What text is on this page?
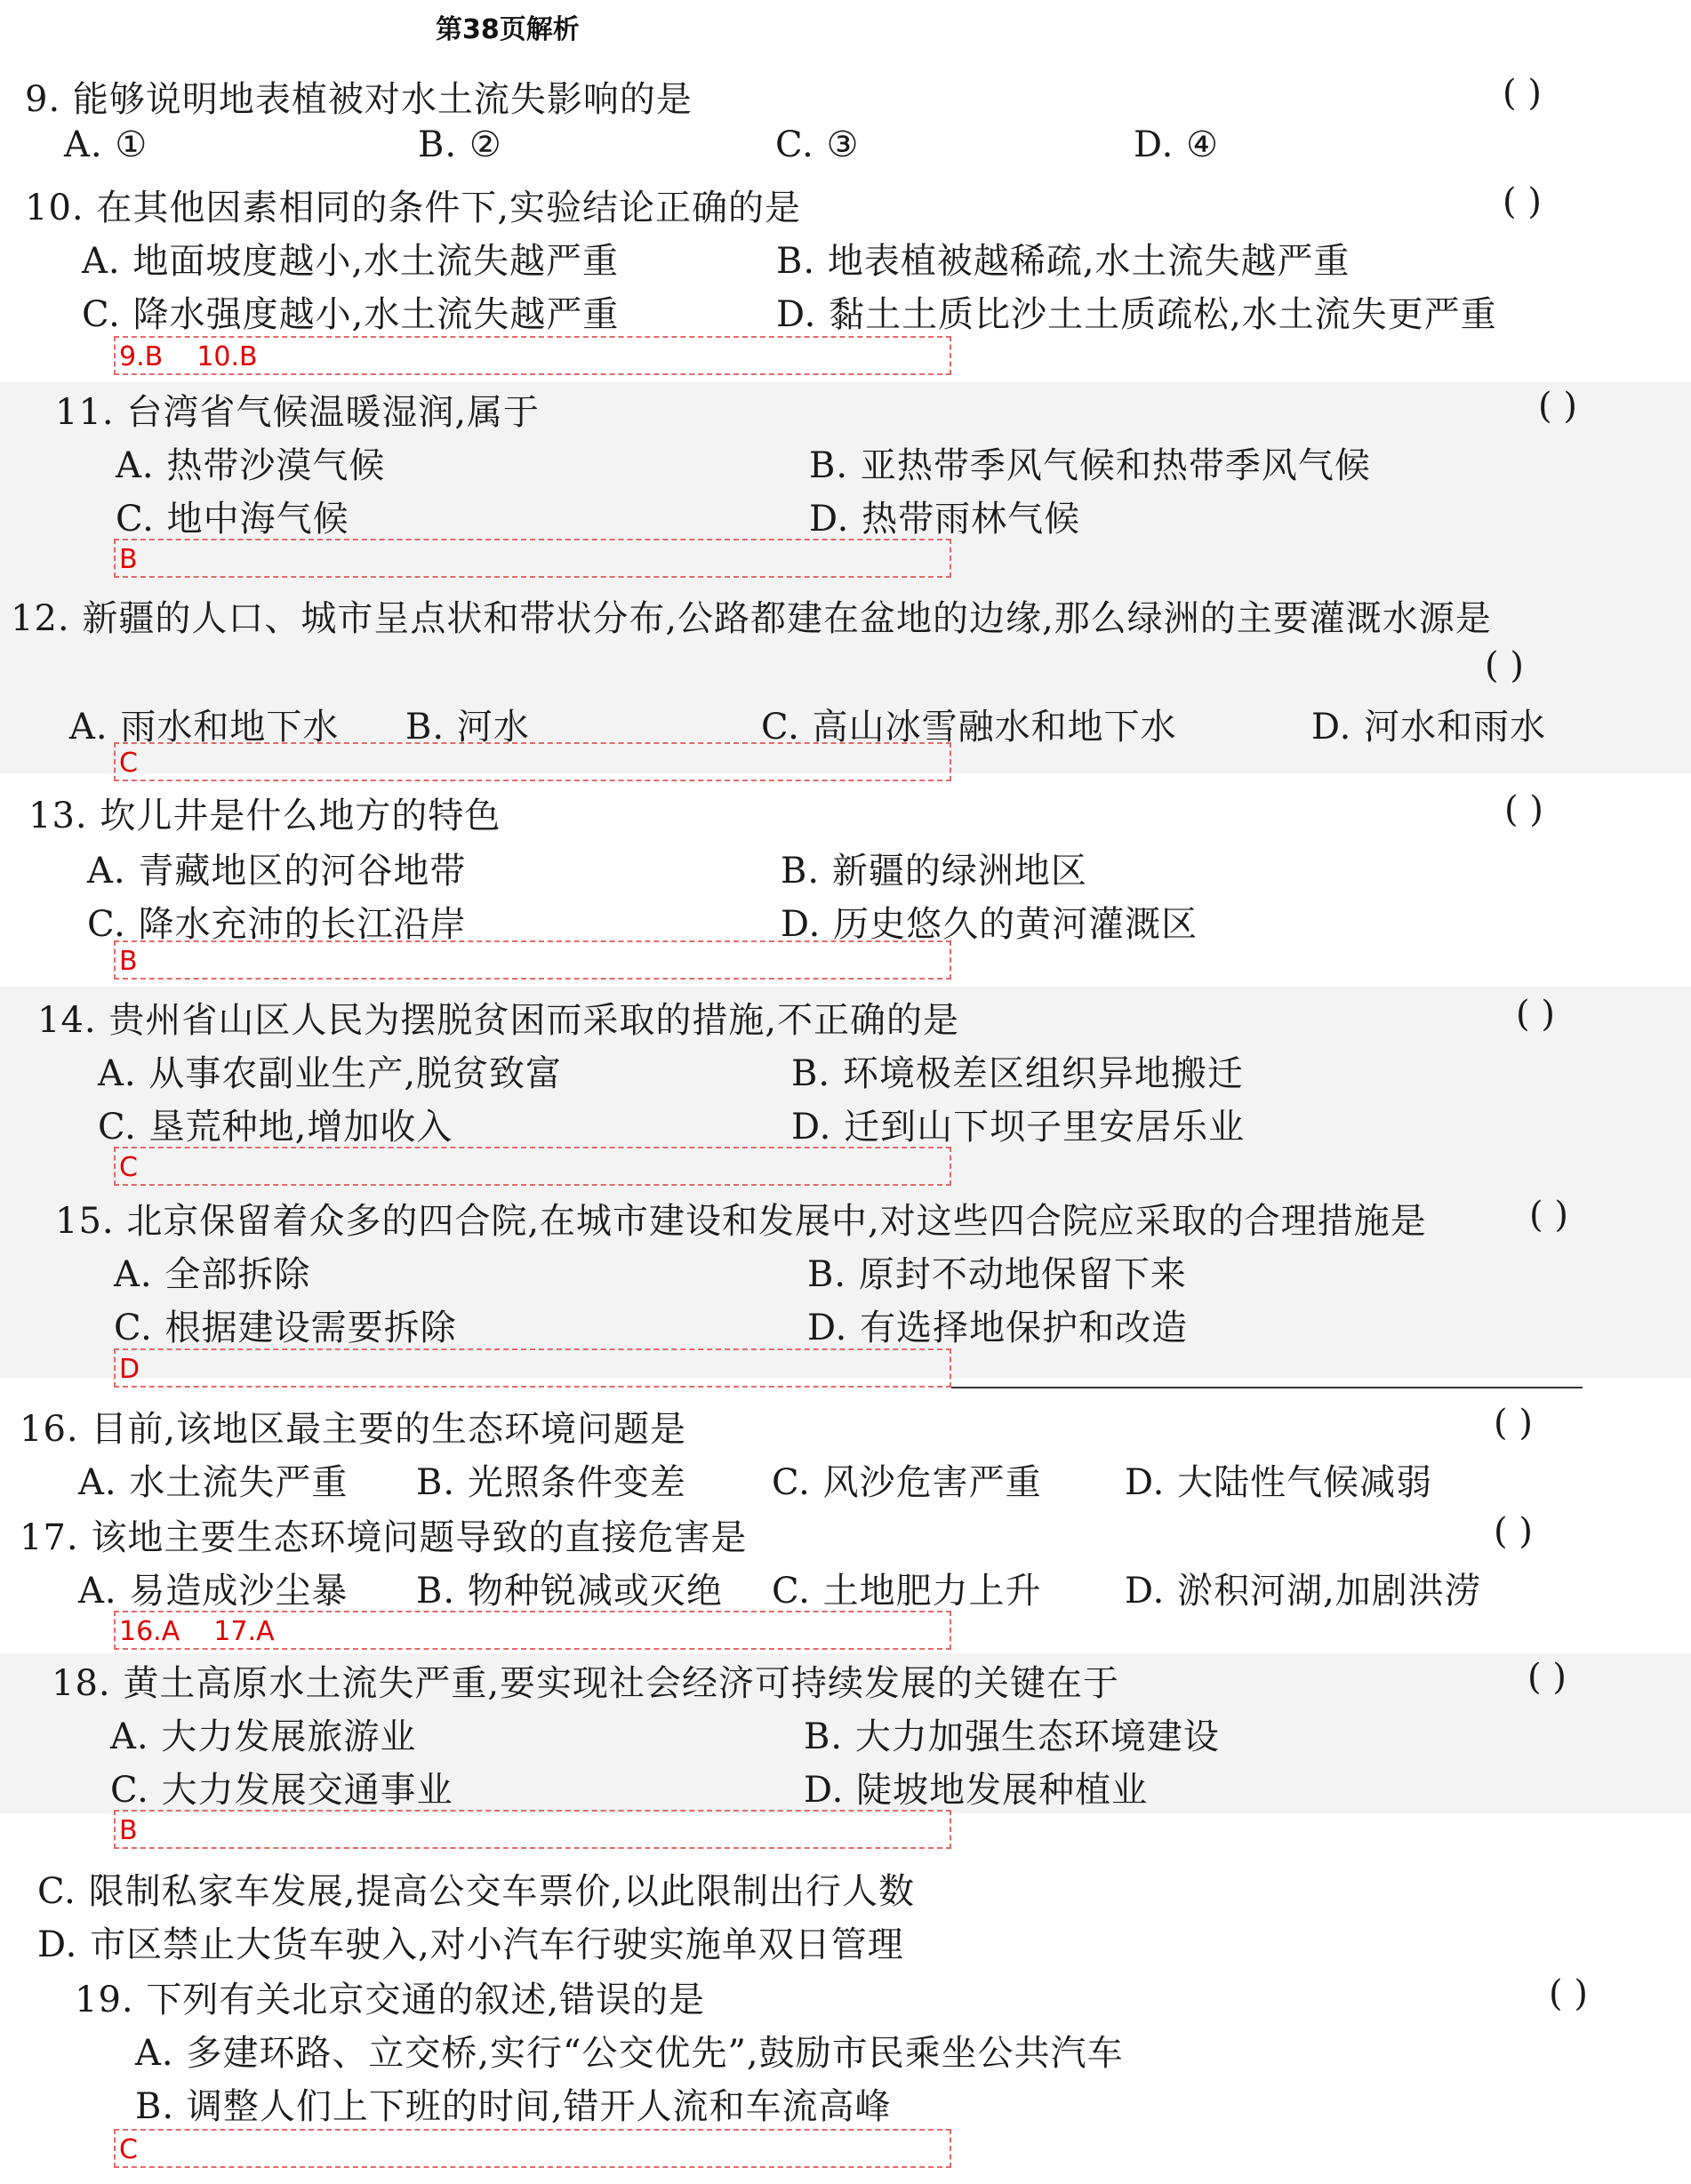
第38页解析
9. 能够说明地表植被对水土流失影响的是	( )
A. ①	B. ②	C. ③	D. ④
10. 在其他因素相同的条件下,实验结论正确的是	( )
A. 地面坡度越小,水土流失越严重	B. 地表植被越稀疏,水土流失越严重
C. 降水强度越小,水土流失越严重	D. 黏土土质比沙土土质疏松,水土流失更严重
9.B    10.B
11. 台湾省气候温暖湿润,属于	( )
A. 热带沙漠气候	B. 亚热带季风气候和热带季风气候
C. 地中海气候	D. 热带雨林气候
B
12. 新疆的人口、城市呈点状和带状分布,公路都建在盆地的边缘,那么绿洲的主要灌溉水源是
( )
A. 雨水和地下水 B. 河水	C. 高山冰雪融水和地下水	D. 河水和雨水
C
13. 坎儿井是什么地方的特色	( )
A. 青藏地区的河谷地带	B. 新疆的绿洲地区
C. 降水充沛的长江沿岸	D. 历史悠久的黄河灌溉区
B
14. 贵州省山区人民为摆脱贫困而采取的措施,不正确的是	( )
A. 从事农副业生产,脱贫致富	B. 环境极差区组织异地搬迁
C. 垦荒种地,增加收入	D. 迁到山下坝子里安居乐业
C
15. 北京保留着众多的四合院,在城市建设和发展中,对这些四合院应采取的合理措施是	( )
A. 全部拆除	B. 原封不动地保留下来
C. 根据建设需要拆除	D. 有选择地保护和改造
D
16. 目前,该地区最主要的生态环境问题是	( )
A. 水土流失严重 B. 光照条件变差 C. 风沙危害严重 D. 大陆性气候减弱
17. 该地主要生态环境问题导致的直接危害是	( )
A. 易造成沙尘暴 B. 物种锐减或灭绝 C. 土地肥力上升 D. 淤积河湖,加剧洪涝
16.A    17.A
18. 黄土高原水土流失严重,要实现社会经济可持续发展的关键在于	( )
A. 大力发展旅游业	B. 大力加强生态环境建设
C. 大力发展交通事业	D. 陡坡地发展种植业
B
C. 限制私家车发展,提高公交车票价,以此限制出行人数
D. 市区禁止大货车驶入,对小汽车行驶实施单双日管理
19. 下列有关北京交通的叙述,错误的是	( )
A. 多建环路、立交桥,实行“公交优先”,鼓励市民乘坐公共汽车
B. 调整人们上下班的时间,错开人流和车流高峰
C
